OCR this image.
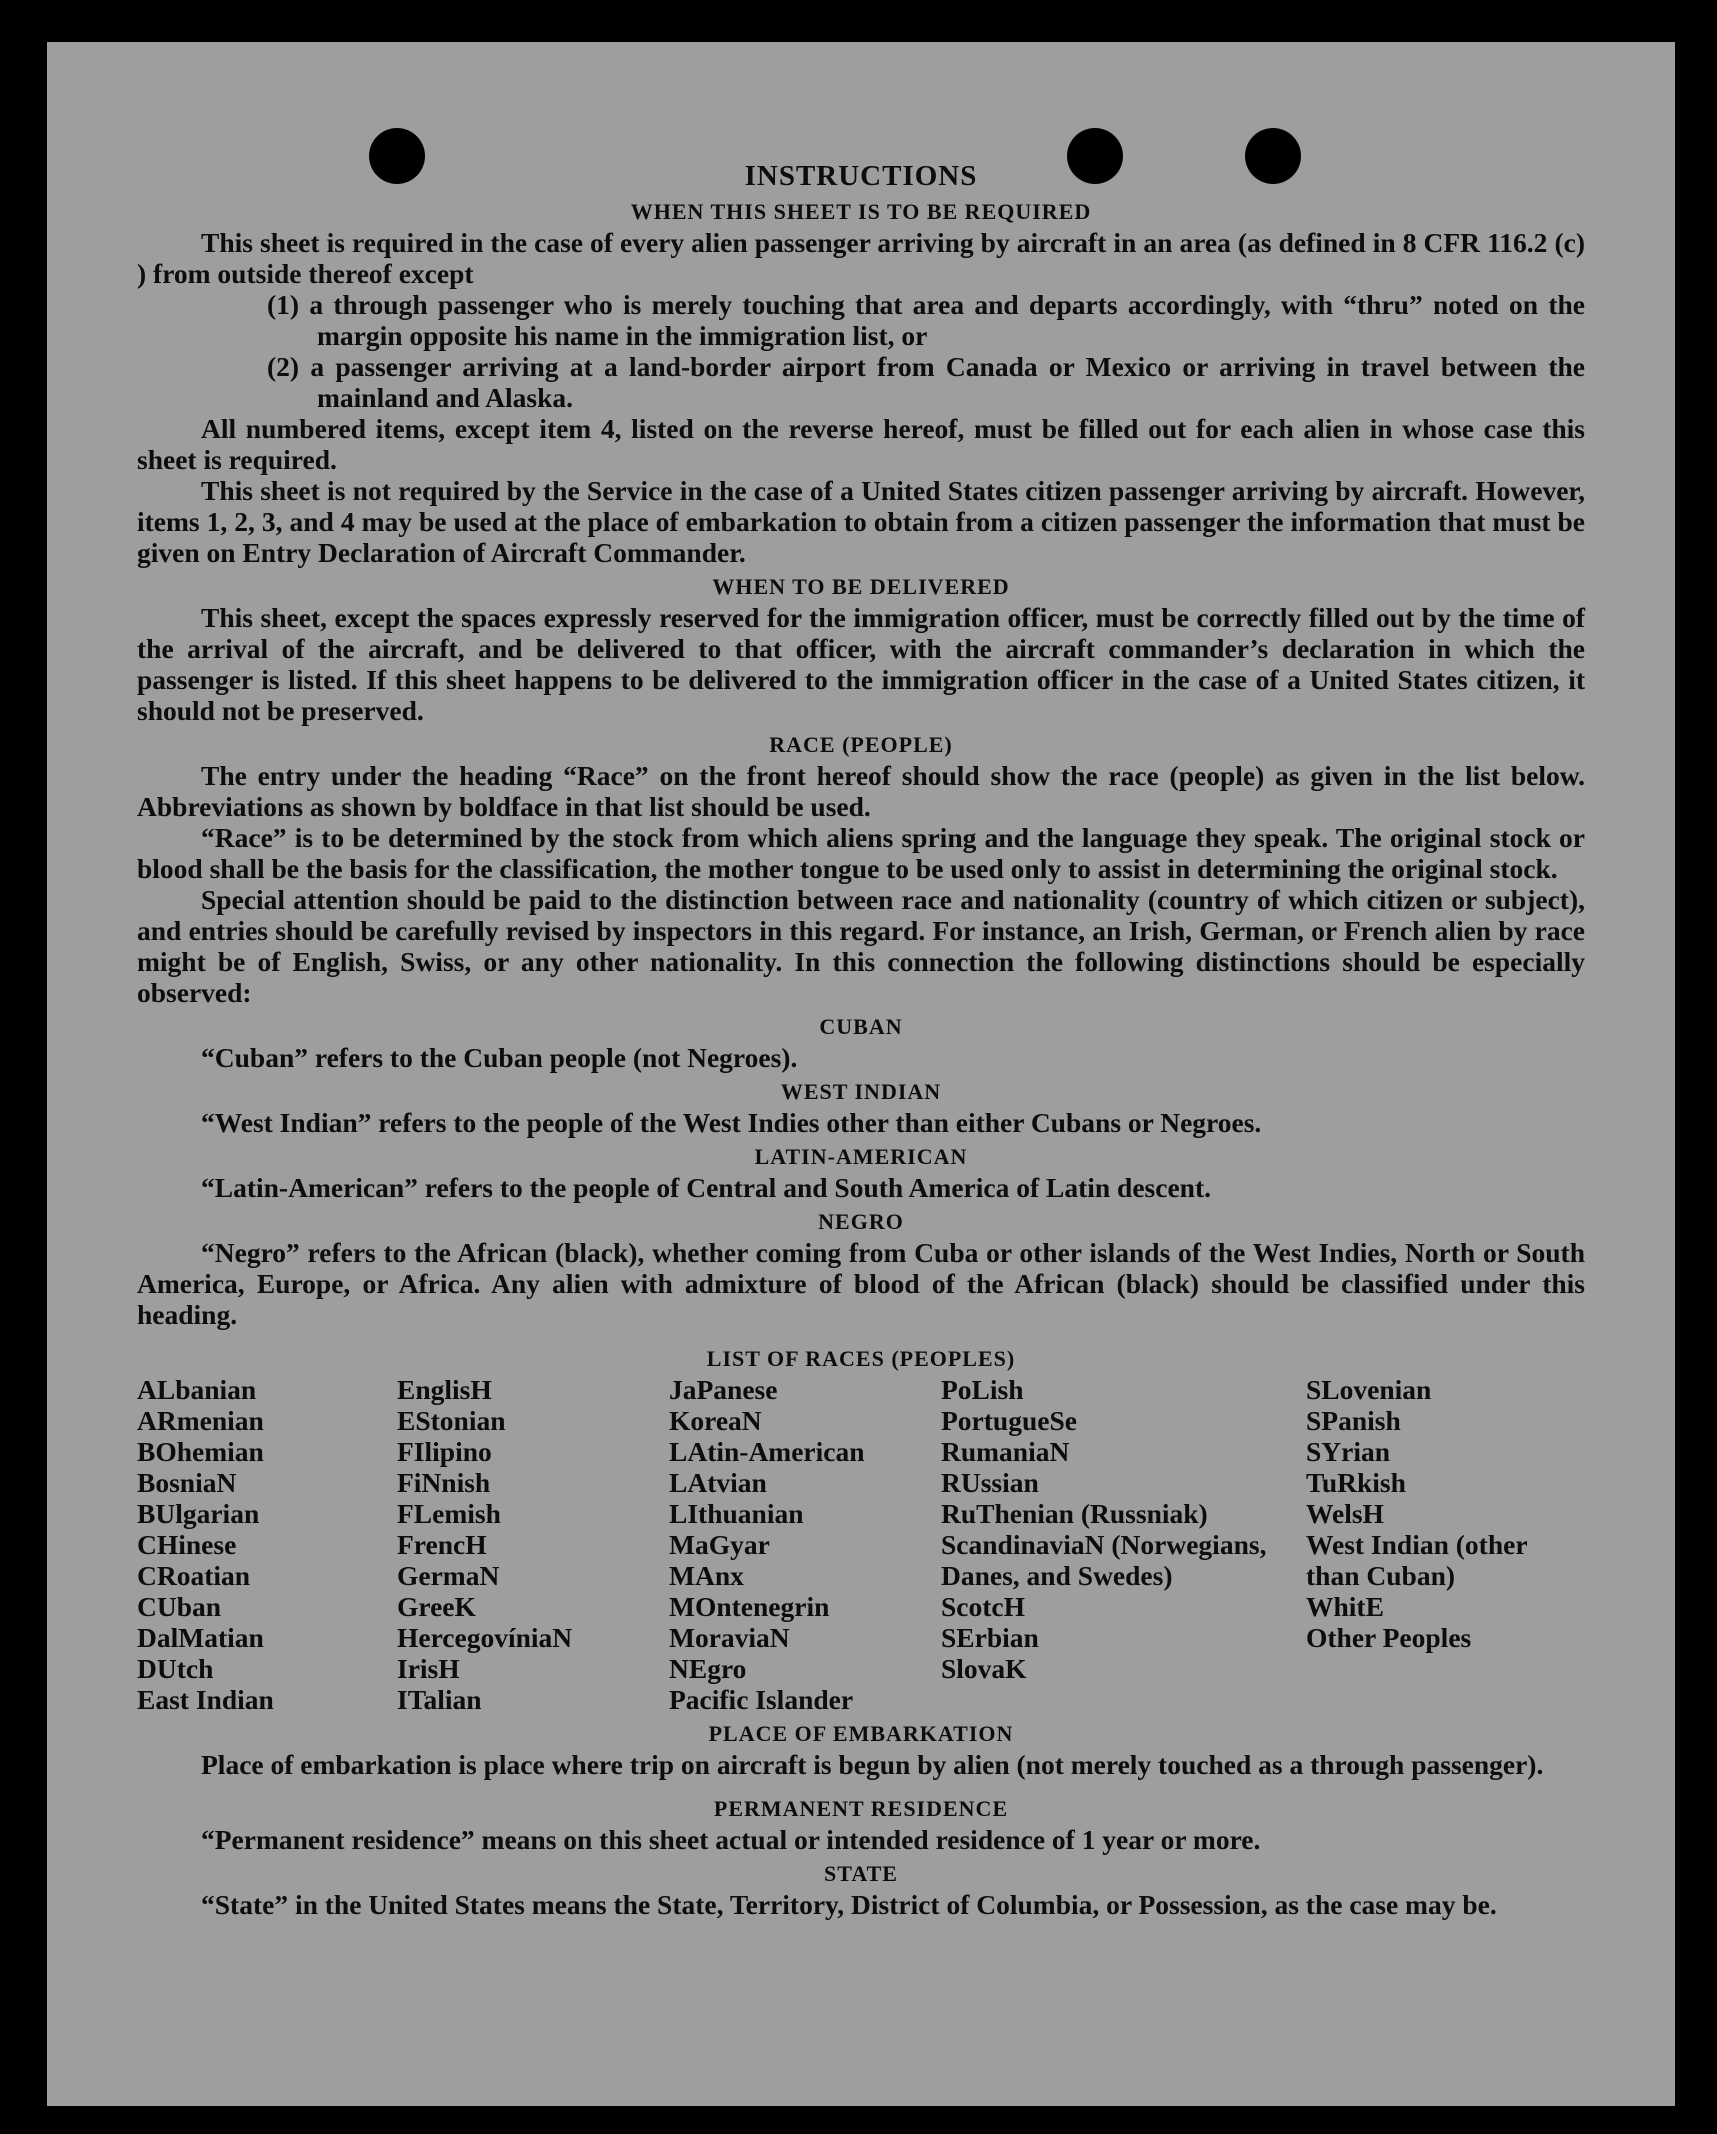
INSTRUCTIONS
WHEN THIS SHEET IS TO BE REQUIRED

This sheet is required in the case of every alien passenger arriving by aircraft in an area (as defined in 8 CFR 116.2 (c) ) from outside thereof except

(1) a through passenger who is merely touching that area and departs accordingly, with “thru” noted on the margin opposite his name in the immigration list, or

(2) a passenger arriving at a land-border airport from Canada or Mexico or arriving in travel between the mainland and Alaska.

All numbered items, except item 4, listed on the reverse hereof, must be filled out for each alien in whose case this sheet is required.

This sheet is not required by the Service in the case of a United States citizen passenger arriving by aircraft. However, items 1, 2, 3, and 4 may be used at the place of embarkation to obtain from a citizen passenger the information that must be given on Entry Declaration of Aircraft Commander.

WHEN TO BE DELIVERED

This sheet, except the spaces expressly reserved for the immigration officer, must be correctly filled out by the time of the arrival of the aircraft, and be delivered to that officer, with the aircraft commander’s declaration in which the passenger is listed. If this sheet happens to be delivered to the immigration officer in the case of a United States citizen, it should not be preserved.

RACE (PEOPLE)

The entry under the heading “Race” on the front hereof should show the race (people) as given in the list below. Abbreviations as shown by boldface in that list should be used.

“Race” is to be determined by the stock from which aliens spring and the language they speak. The original stock or blood shall be the basis for the classification, the mother tongue to be used only to assist in determining the original stock.

Special attention should be paid to the distinction between race and nationality (country of which citizen or subject), and entries should be carefully revised by inspectors in this regard. For instance, an Irish, German, or French alien by race might be of English, Swiss, or any other nationality. In this connection the following distinctions should be especially observed:

CUBAN

“Cuban” refers to the Cuban people (not Negroes).

WEST INDIAN

“West Indian” refers to the people of the West Indies other than either Cubans or Negroes.

LATIN-AMERICAN

“Latin-American” refers to the people of Central and South America of Latin descent.

NEGRO

“Negro” refers to the African (black), whether coming from Cuba or other islands of the West Indies, North or South America, Europe, or Africa. Any alien with admixture of blood of the African (black) should be classified under this heading.

LIST OF RACES (PEOPLES)
ALbanian
ARmenian
BOhemian
BosniaN
BUlgarian
CHinese
CRoatian
CUban
DalMatian
DUtch
East Indian
EnglisH
EStonian
FIlipino
FiNnish
FLemish
FrencH
GermaN
GreeK
HercegovíniaN
IrisH
ITalian
JaPanese
KoreaN
LAtin-American
LAtvian
LIthuanian
MaGyar
MAnx
MOntenegrin
MoraviaN
NEgro
Pacific Islander
PoLish
PortugueSe
RumaniaN
RUssian
RuThenian (Russniak)
ScandinaviaN (Norwegians, Danes, and Swedes)
ScotcH
SErbian
SlovaK
SLovenian
SPanish
SYrian
TuRkish
WelsH
West Indian (other than Cuban)
WhitE
Other Peoples
PLACE OF EMBARKATION

Place of embarkation is place where trip on aircraft is begun by alien (not merely touched as a through passenger).

PERMANENT RESIDENCE

“Permanent residence” means on this sheet actual or intended residence of 1 year or more.

STATE

“State” in the United States means the State, Territory, District of Columbia, or Possession, as the case may be.
